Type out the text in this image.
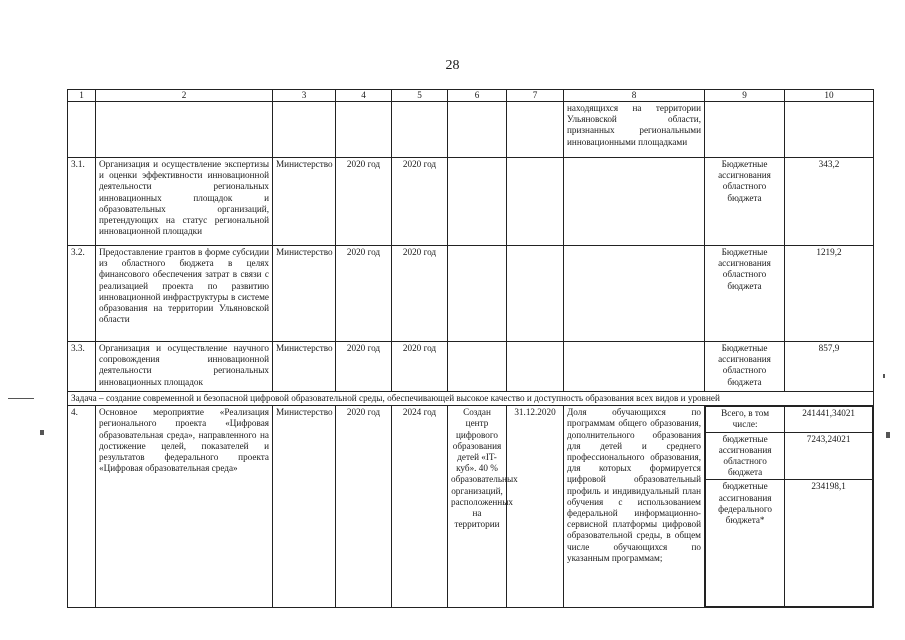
28
1	2	3	4	5	6	7	8	9	10
							находящихся на территории Ульяновской области, признанных региональными инновационными площадками		
3.1.	Организация и осуществление экспертизы и оценки эффективности инновационной деятельности региональных инновационных площадок и образовательных организаций, претендующих на статус региональной инновационной площадки	Министерство	2020 год	2020 год				Бюджетные ассигнования областного бюджета	343,2
3.2.	Предоставление грантов в форме субсидии из областного бюджета в целях финансового обеспечения затрат в связи с реализацией проекта по развитию инновационной инфраструктуры в системе образования на территории Ульяновской области	Министерство	2020 год	2020 год				Бюджетные ассигнования областного бюджета	1219,2
3.3.	Организация и осуществление научного сопровождения инновационной деятельности региональных инновационных площадок	Министерство	2020 год	2020 год				Бюджетные ассигнования областного бюджета	857,9
Задача – создание современной и безопасной цифровой образовательной среды, обеспечивающей высокое качество и доступность образования всех видов и уровней
4.	Основное мероприятие «Реализация регионального проекта «Цифровая образовательная среда», направленного на достижение целей, показателей и результатов федерального проекта «Цифровая образовательная среда»	Министерство	2020 год	2024 год	Создан центр цифрового образования детей «IT-куб». 40 % образовательных организаций, расположенных на территории	31.12.2020	Доля обучающихся по программам общего образования, дополнительного образования для детей и среднего профессионального образования, для которых формируется цифровой образовательный профиль и индивидуальный план обучения с использованием федеральной информационно-сервисной платформы цифровой образовательной среды, в общем числе обучающихся по указанным программам;	
Всего, в том числе:	241441,34021
бюджетные ассигнования областного бюджета	7243,24021
бюджетные ассигнования федерального бюджета*	234198,1
